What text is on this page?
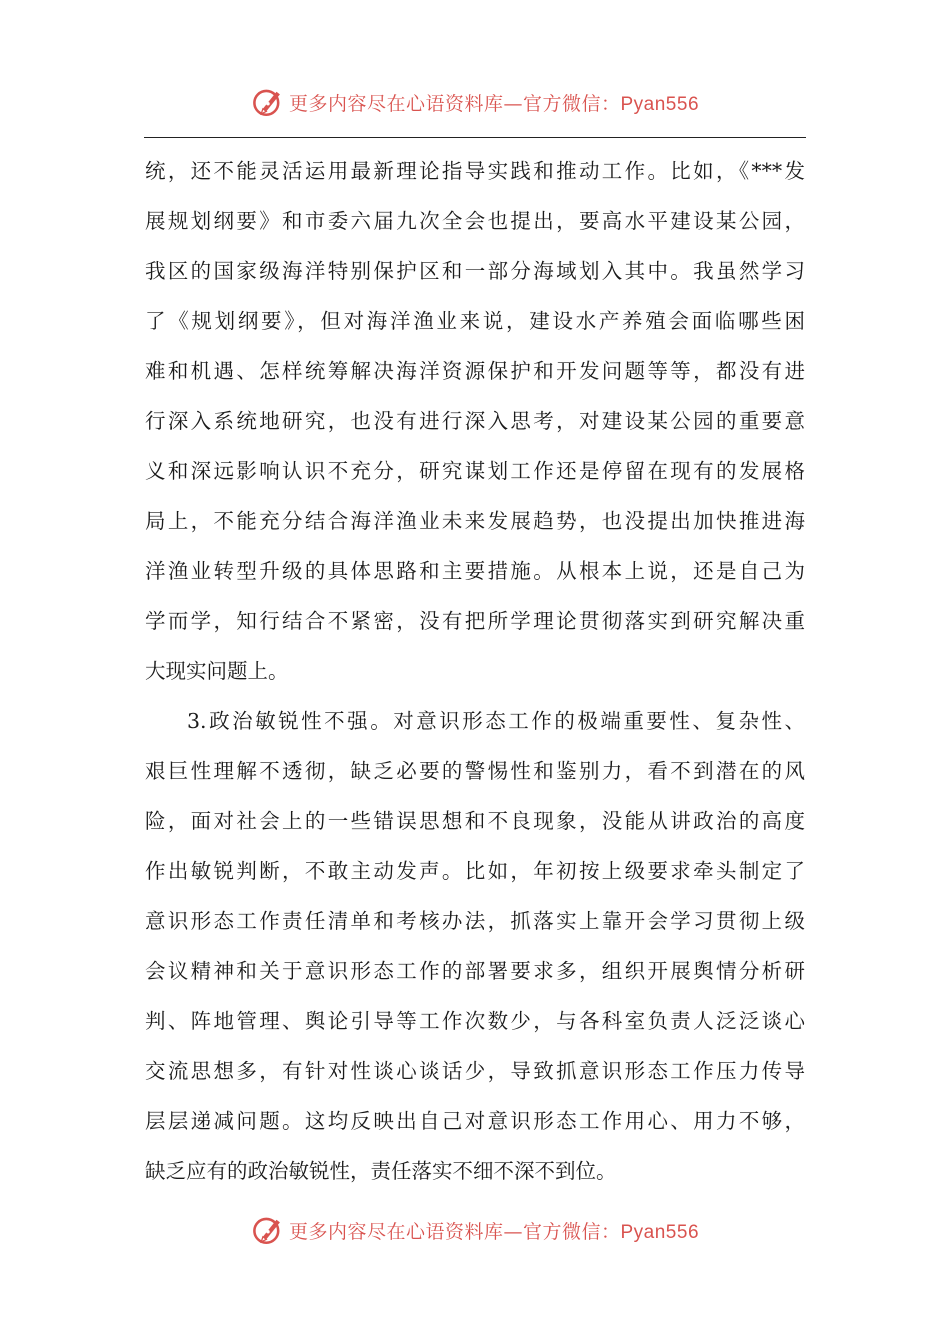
更多内容尽在心语资料库—官方微信：Pyan556
统，还不能灵活运用最新理论指导实践和推动工作。比如，《***发
展规划纲要》和市委六届九次全会也提出，要高水平建设某公园，
我区的国家级海洋特别保护区和一部分海域划入其中。我虽然学习
了《规划纲要》，但对海洋渔业来说，建设水产养殖会面临哪些困
难和机遇、怎样统筹解决海洋资源保护和开发问题等等，都没有进
行深入系统地研究，也没有进行深入思考，对建设某公园的重要意
义和深远影响认识不充分，研究谋划工作还是停留在现有的发展格
局上，不能充分结合海洋渔业未来发展趋势，也没提出加快推进海
洋渔业转型升级的具体思路和主要措施。从根本上说，还是自己为
学而学，知行结合不紧密，没有把所学理论贯彻落实到研究解决重
大现实问题上。
3.政治敏锐性不强。对意识形态工作的极端重要性、复杂性、
艰巨性理解不透彻，缺乏必要的警惕性和鉴别力，看不到潜在的风
险，面对社会上的一些错误思想和不良现象，没能从讲政治的高度
作出敏锐判断，不敢主动发声。比如，年初按上级要求牵头制定了
意识形态工作责任清单和考核办法，抓落实上靠开会学习贯彻上级
会议精神和关于意识形态工作的部署要求多，组织开展舆情分析研
判、阵地管理、舆论引导等工作次数少，与各科室负责人泛泛谈心
交流思想多，有针对性谈心谈话少，导致抓意识形态工作压力传导
层层递减问题。这均反映出自己对意识形态工作用心、用力不够，
缺乏应有的政治敏锐性，责任落实不细不深不到位。
更多内容尽在心语资料库—官方微信：Pyan556
